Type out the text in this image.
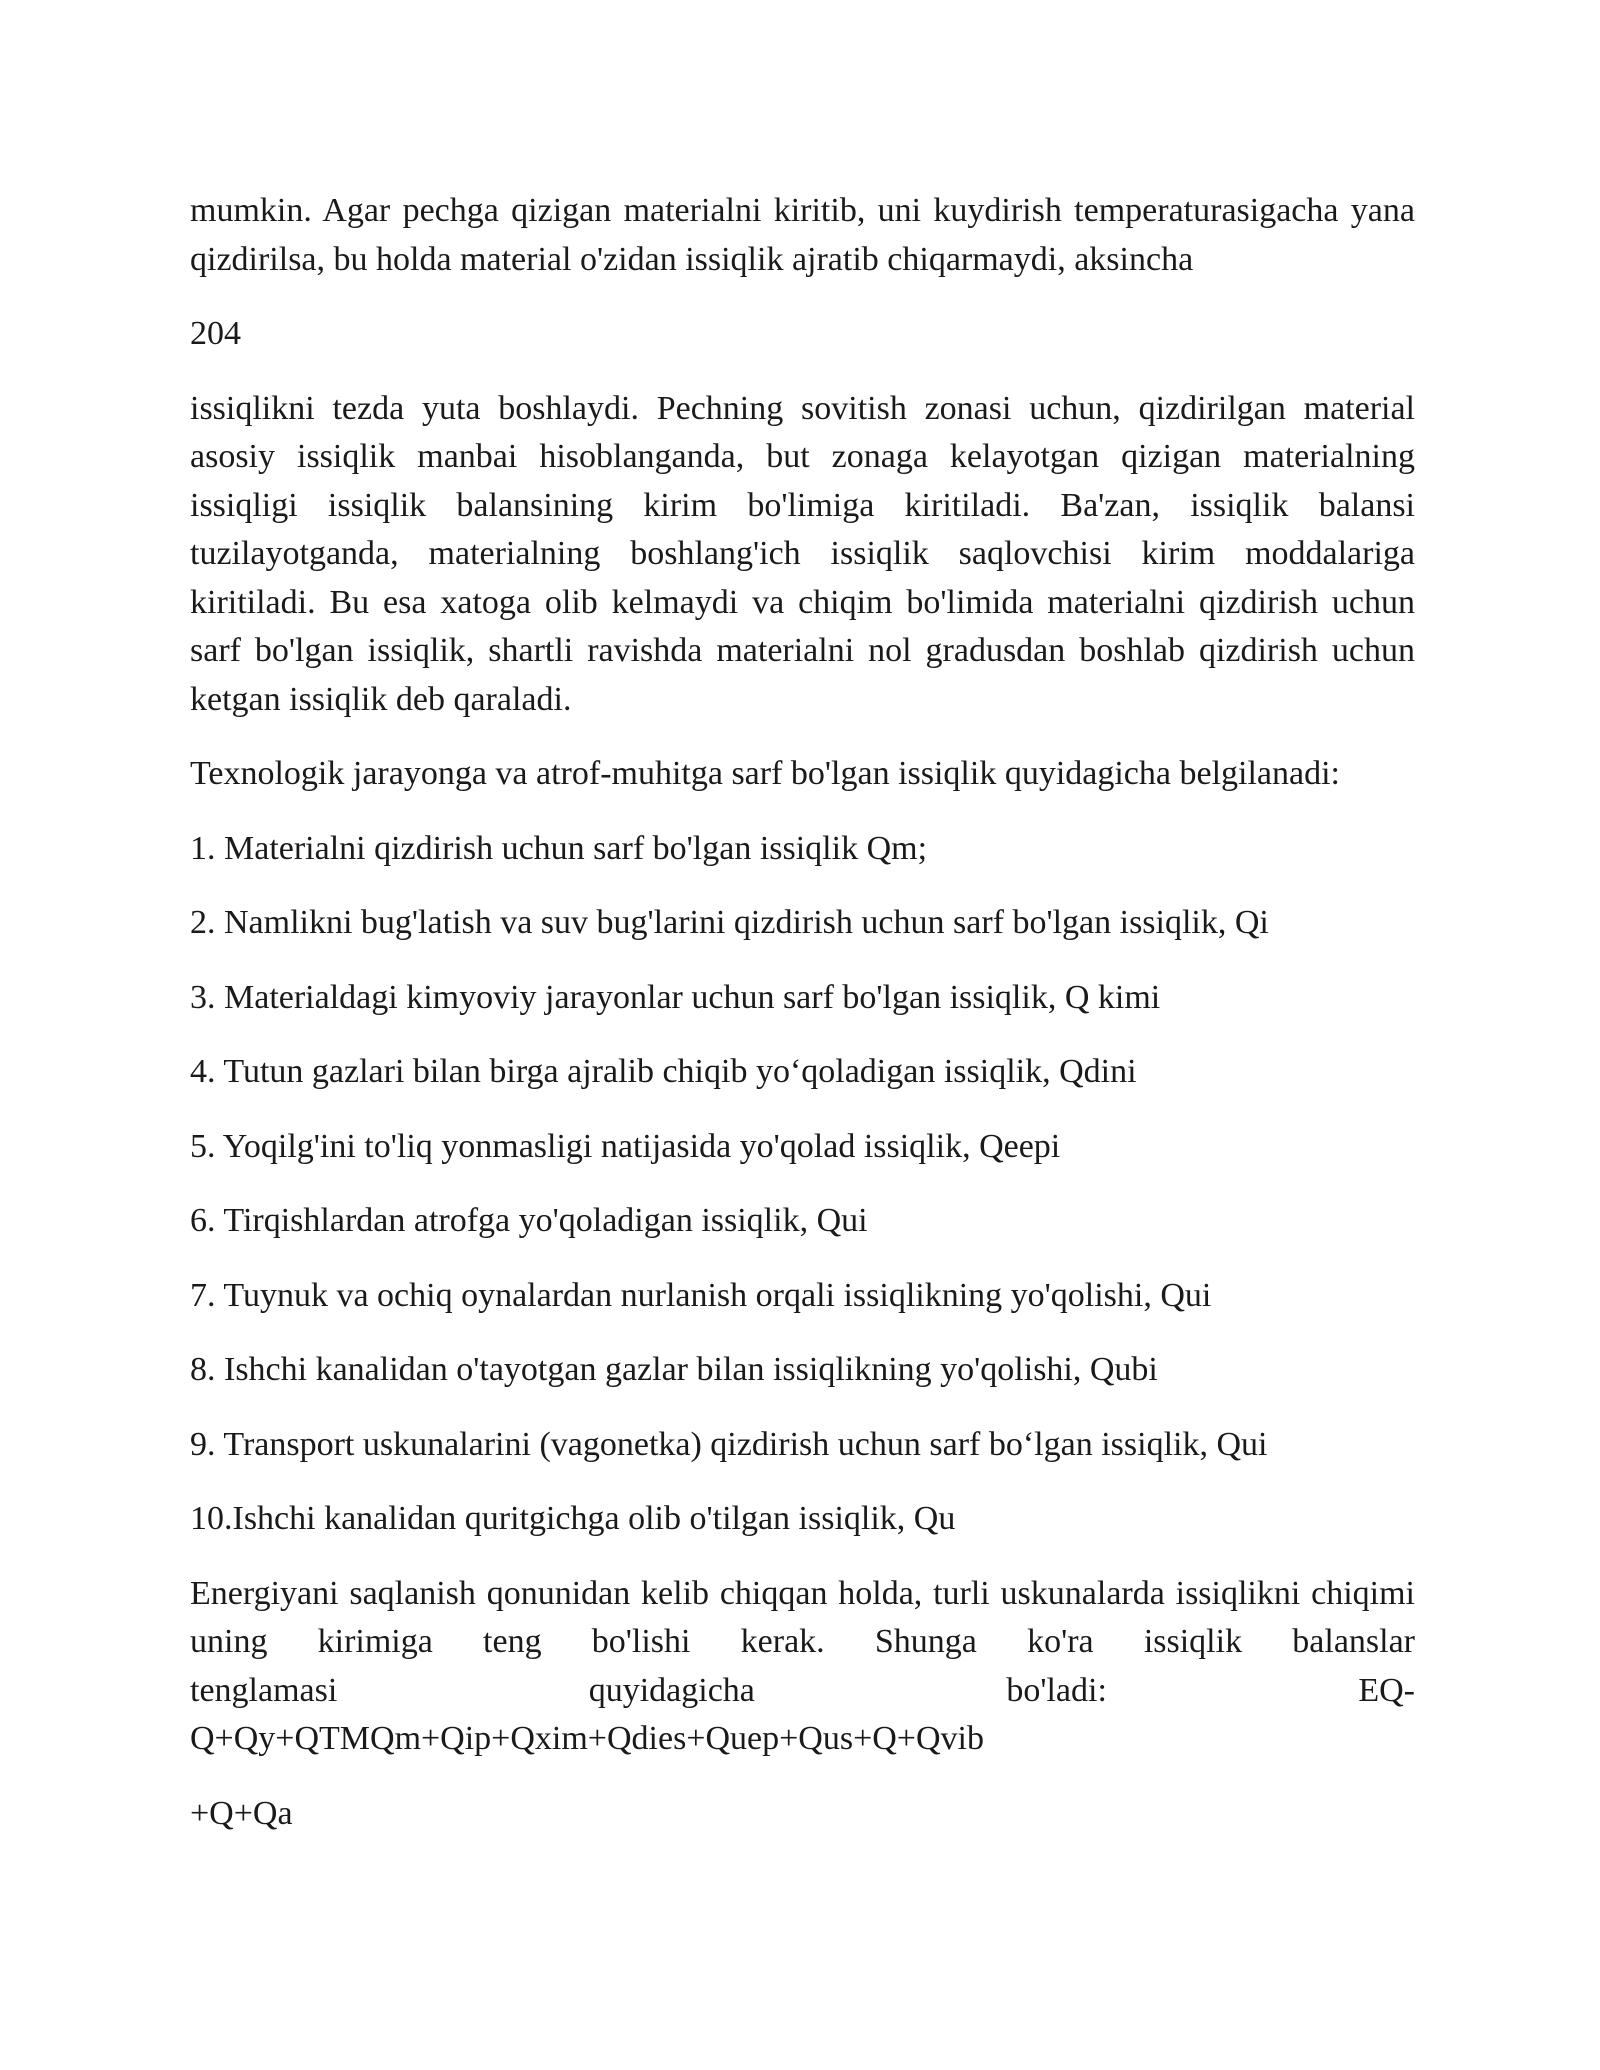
mumkin. Agar pechga qizigan materialni kiritib, uni kuydirish temperaturasigacha yana qizdirilsa, bu holda material o'zidan issiqlik ajratib chiqarmaydi, aksincha

204

issiqlikni tezda yuta boshlaydi. Pechning sovitish zonasi uchun, qizdirilgan material asosiy issiqlik manbai hisoblanganda, but zonaga kelayotgan qizigan materialning issiqligi issiqlik balansining kirim bo'limiga kiritiladi. Ba'zan, issiqlik balansi tuzilayotganda, materialning boshlang'ich issiqlik saqlovchisi kirim moddalariga kiritiladi. Bu esa xatoga olib kelmaydi va chiqim bo'limida materialni qizdirish uchun sarf bo'lgan issiqlik, shartli ravishda materialni nol gradusdan boshlab qizdirish uchun ketgan issiqlik deb qaraladi.

Texnologik jarayonga va atrof-muhitga sarf bo'lgan issiqlik quyidagicha belgilanadi:

1. Materialni qizdirish uchun sarf bo'lgan issiqlik Qm;
2. Namlikni bug'latish va suv bug'larini qizdirish uchun sarf bo'lgan issiqlik, Qi
3. Materialdagi kimyoviy jarayonlar uchun sarf bo'lgan issiqlik, Q kimi
4. Tutun gazlari bilan birga ajralib chiqib yo‘qoladigan issiqlik, Qdini
5. Yoqilg'ini to'liq yonmasligi natijasida yo'qolad issiqlik, Qeepi
6. Tirqishlardan atrofga yo'qoladigan issiqlik, Qui
7. Tuynuk va ochiq oynalardan nurlanish orqali issiqlikning yo'qolishi, Qui
8. Ishchi kanalidan o'tayotgan gazlar bilan issiqlikning yo'qolishi, Qubi
9. Transport uskunalarini (vagonetka) qizdirish uchun sarf bo‘lgan issiqlik, Qui
10.Ishchi kanalidan quritgichga olib o'tilgan issiqlik, Qu

Energiyani saqlanish qonunidan kelib chiqqan holda, turli uskunalarda issiqlikni chiqimi uning kirimiga teng bo'lishi kerak. Shunga ko'ra issiqlik balanslar

tenglamasi	quyidagicha	bo'ladi:	EQ-
Q+Qy+QTMQm+Qip+Qxim+Qdies+Quep+Qus+Q+Qvib
+Q+Qa
